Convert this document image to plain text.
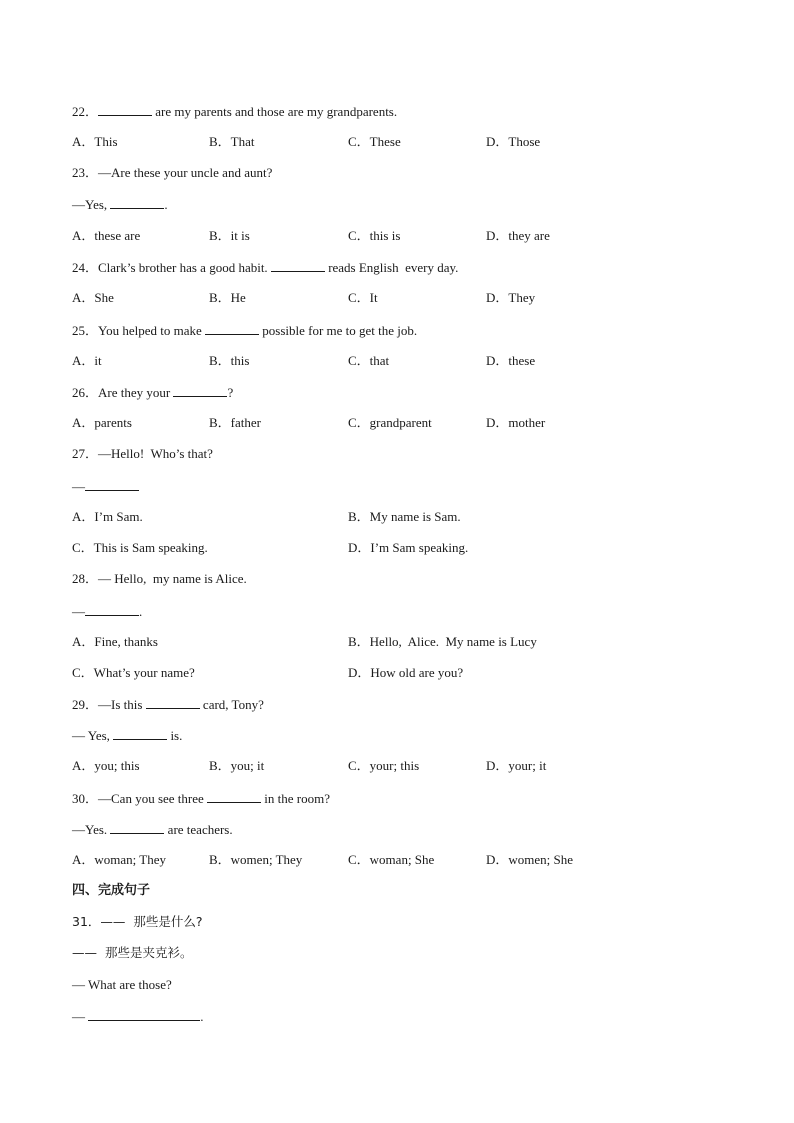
22．	are my parents and those are my grandparents.
A．This	B．That	C．These	D．Those
23．—Are these your uncle and aunt?
—Yes,	.
A．these are	B．it is	C．this is	D．they are
24．Clark’s brother has a good habit.	reads English  every day.
A．She	B．He	C．It	D．They
25．You helped to make	possible for me to get the job.
A．it	B．this	C．that	D．these
26．Are they your	?
A．parents	B．father	C．grandparent	D．mother
27．—Hello!  Who’s that?
—
A．I’m Sam.	B．My name is Sam.
C．This is Sam speaking.	D．I’m Sam speaking.
28．— Hello,  my name is Alice.
—	.
A．Fine, thanks	B．Hello,  Alice.  My name is Lucy
C．What’s your name?	D．How old are you?
29．—Is this	card, Tony?
— Yes,	is.
A．you; this	B．you; it	C．your; this	D．your; it
30．—Can you see three	in the room?
—Yes.	are teachers.
A．woman; They	B．women; They	C．woman; She	D．women; She
四、完成句子
31．——  那些是什么?
——  那些是夹克衫。
— What are those?
—	.
